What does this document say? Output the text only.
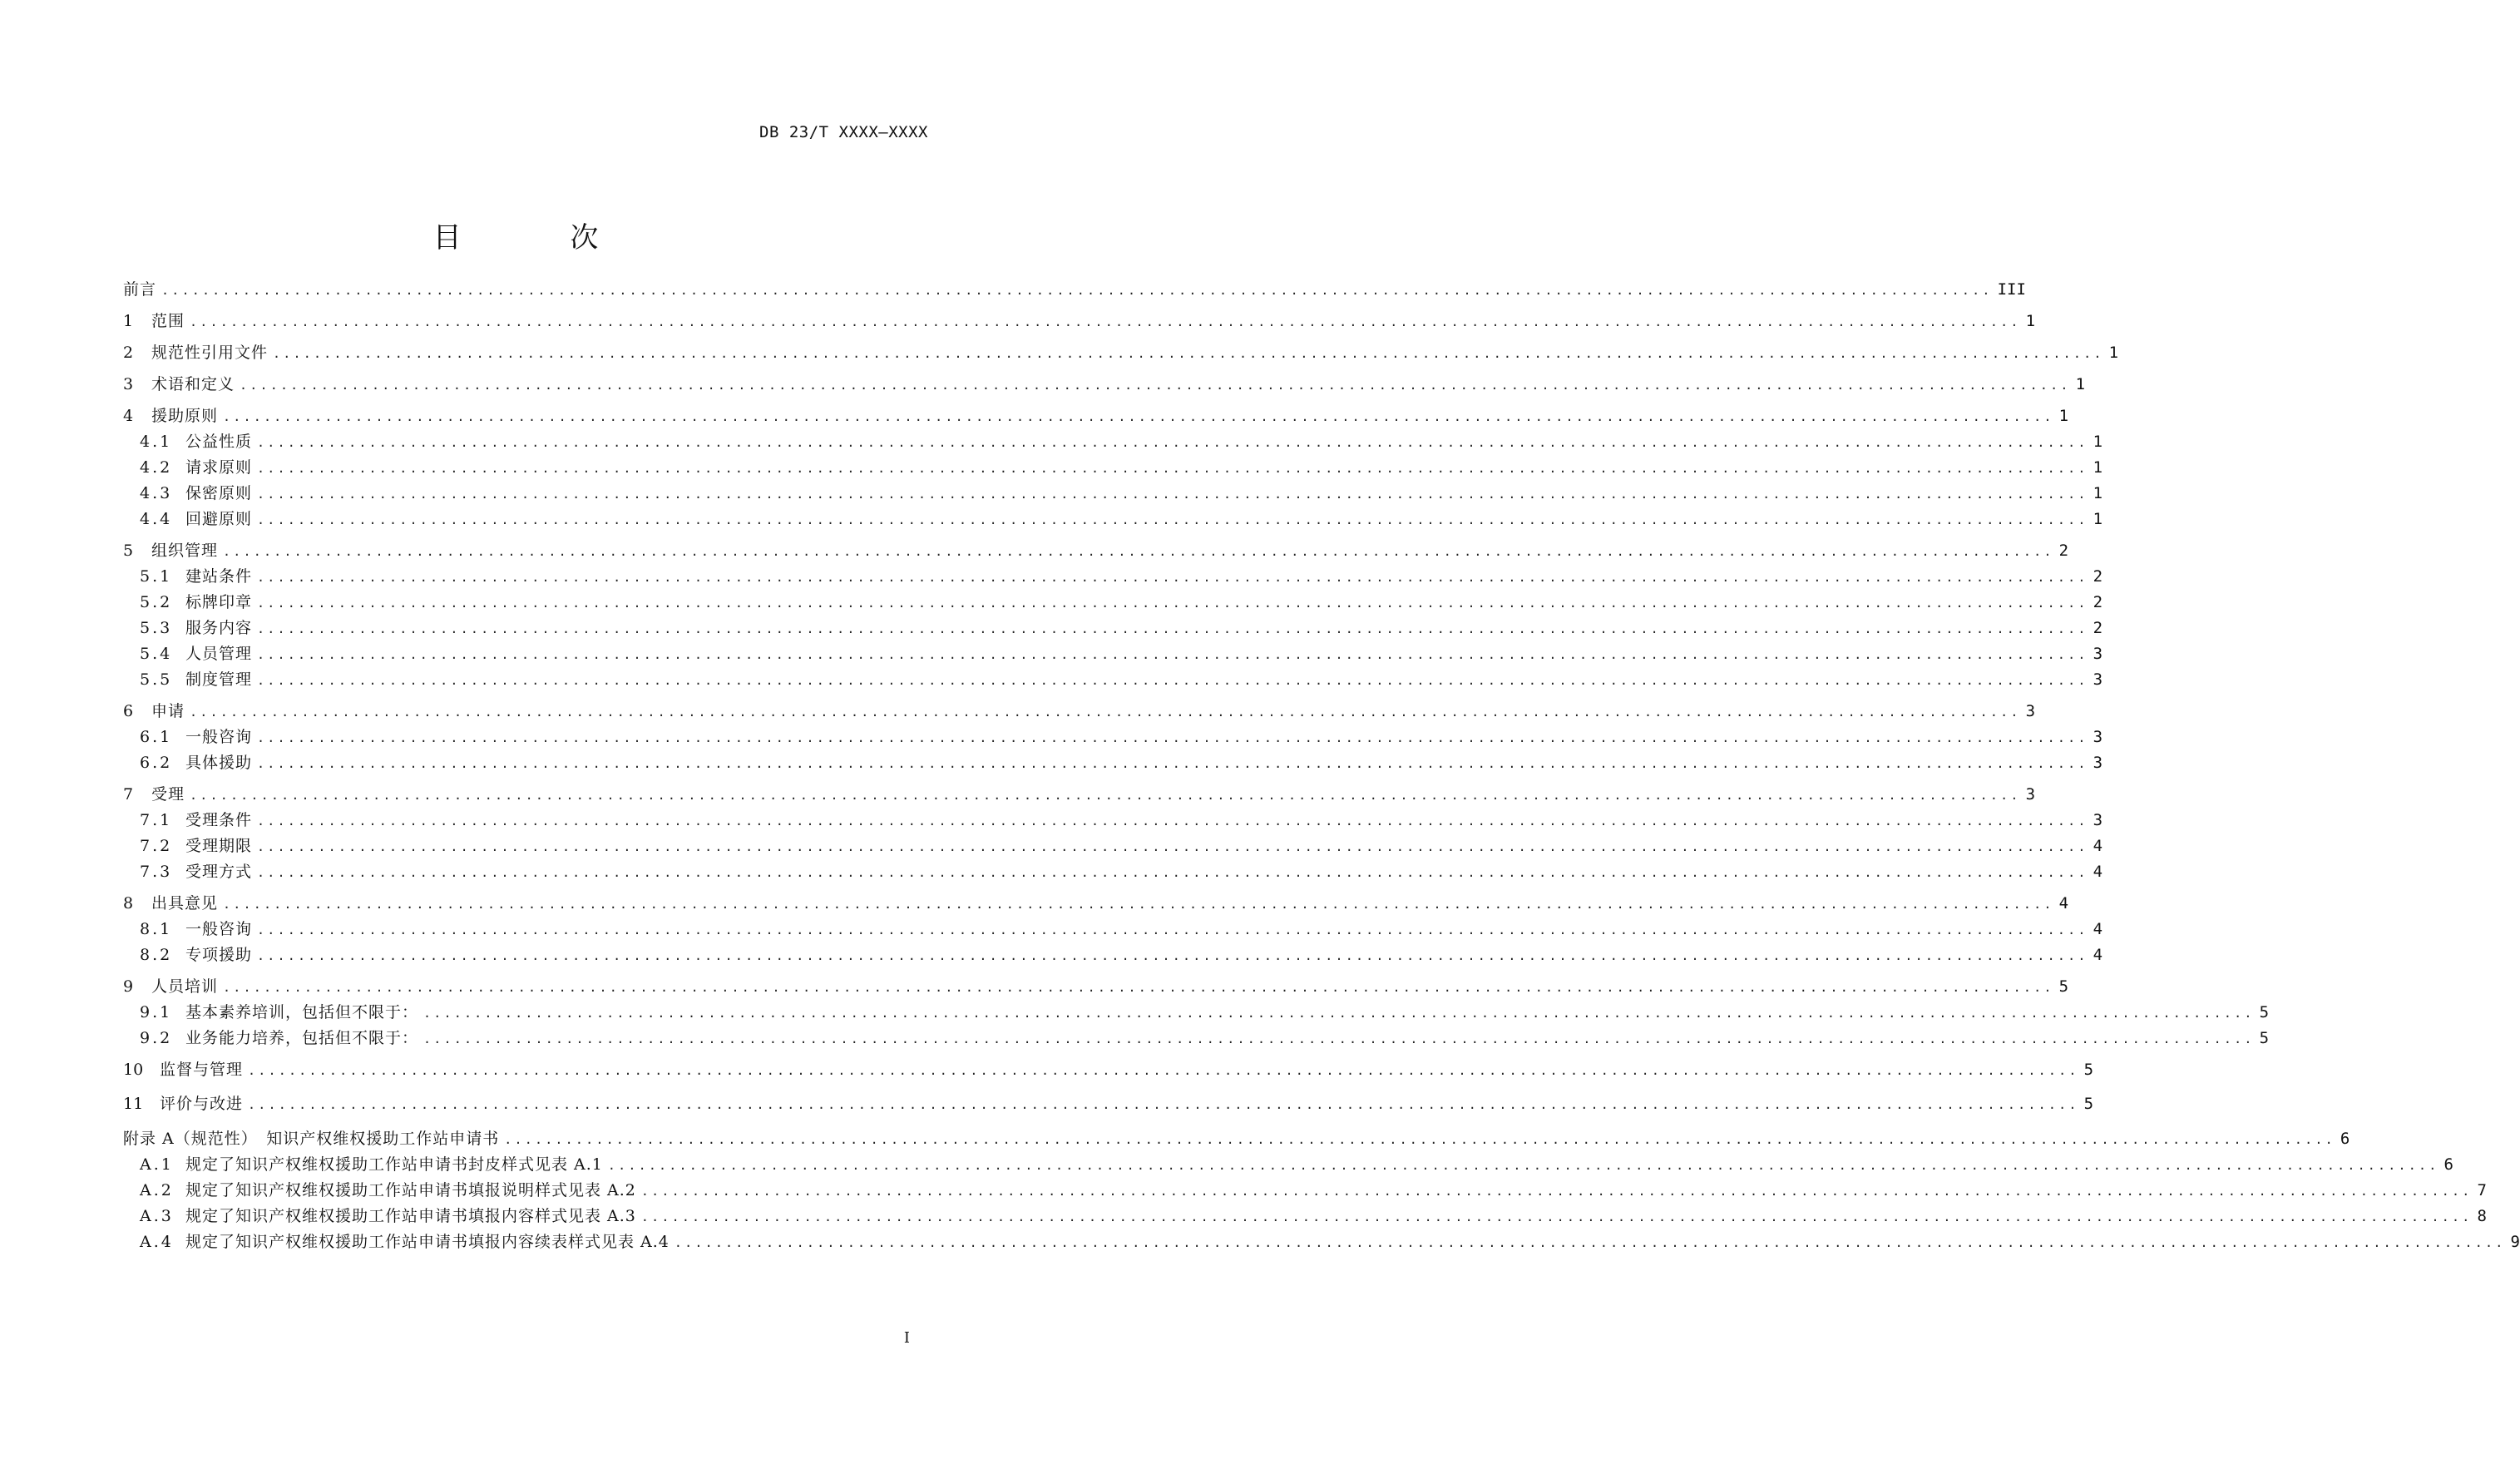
DB 23/T XXXX—XXXX
目 次
前言 .................................................................................................................................................................................... III
1	范围 .................................................................................................................................................................................... 1
2	规范性引用文件 .................................................................................................................................................................................... 1
3	术语和定义 .................................................................................................................................................................................... 1
4	援助原则 .................................................................................................................................................................................... 1
4.1 公益性质 .................................................................................................................................................................................... 1
4.2 请求原则 .................................................................................................................................................................................... 1
4.3 保密原则 .................................................................................................................................................................................... 1
4.4 回避原则 .................................................................................................................................................................................... 1
5	组织管理 .................................................................................................................................................................................... 2
5.1 建站条件 .................................................................................................................................................................................... 2
5.2 标牌印章 .................................................................................................................................................................................... 2
5.3 服务内容 .................................................................................................................................................................................... 2
5.4 人员管理 .................................................................................................................................................................................... 3
5.5 制度管理 .................................................................................................................................................................................... 3
6	申请 .................................................................................................................................................................................... 3
6.1 一般咨询 .................................................................................................................................................................................... 3
6.2 具体援助 .................................................................................................................................................................................... 3
7	受理 .................................................................................................................................................................................... 3
7.1 受理条件 .................................................................................................................................................................................... 3
7.2 受理期限 .................................................................................................................................................................................... 4
7.3 受理方式 .................................................................................................................................................................................... 4
8	出具意见 .................................................................................................................................................................................... 4
8.1 一般咨询 .................................................................................................................................................................................... 4
8.2 专项援助 .................................................................................................................................................................................... 4
9	人员培训 .................................................................................................................................................................................... 5
9.1 基本素养培训，包括但不限于： .................................................................................................................................................................................... 5
9.2 业务能力培养，包括但不限于： .................................................................................................................................................................................... 5
10	监督与管理 .................................................................................................................................................................................... 5
11	评价与改进 .................................................................................................................................................................................... 5
附录 A（规范性）　知识产权维权援助工作站申请书 .................................................................................................................................................................................... 6
A.1 规定了知识产权维权援助工作站申请书封皮样式见表 A.1 .................................................................................................................................................................................... 6
A.2 规定了知识产权维权援助工作站申请书填报说明样式见表 A.2 .................................................................................................................................................................................... 7
A.3 规定了知识产权维权援助工作站申请书填报内容样式见表 A.3 .................................................................................................................................................................................... 8
A.4 规定了知识产权维权援助工作站申请书填报内容续表样式见表 A.4 .................................................................................................................................................................................... 9
I
